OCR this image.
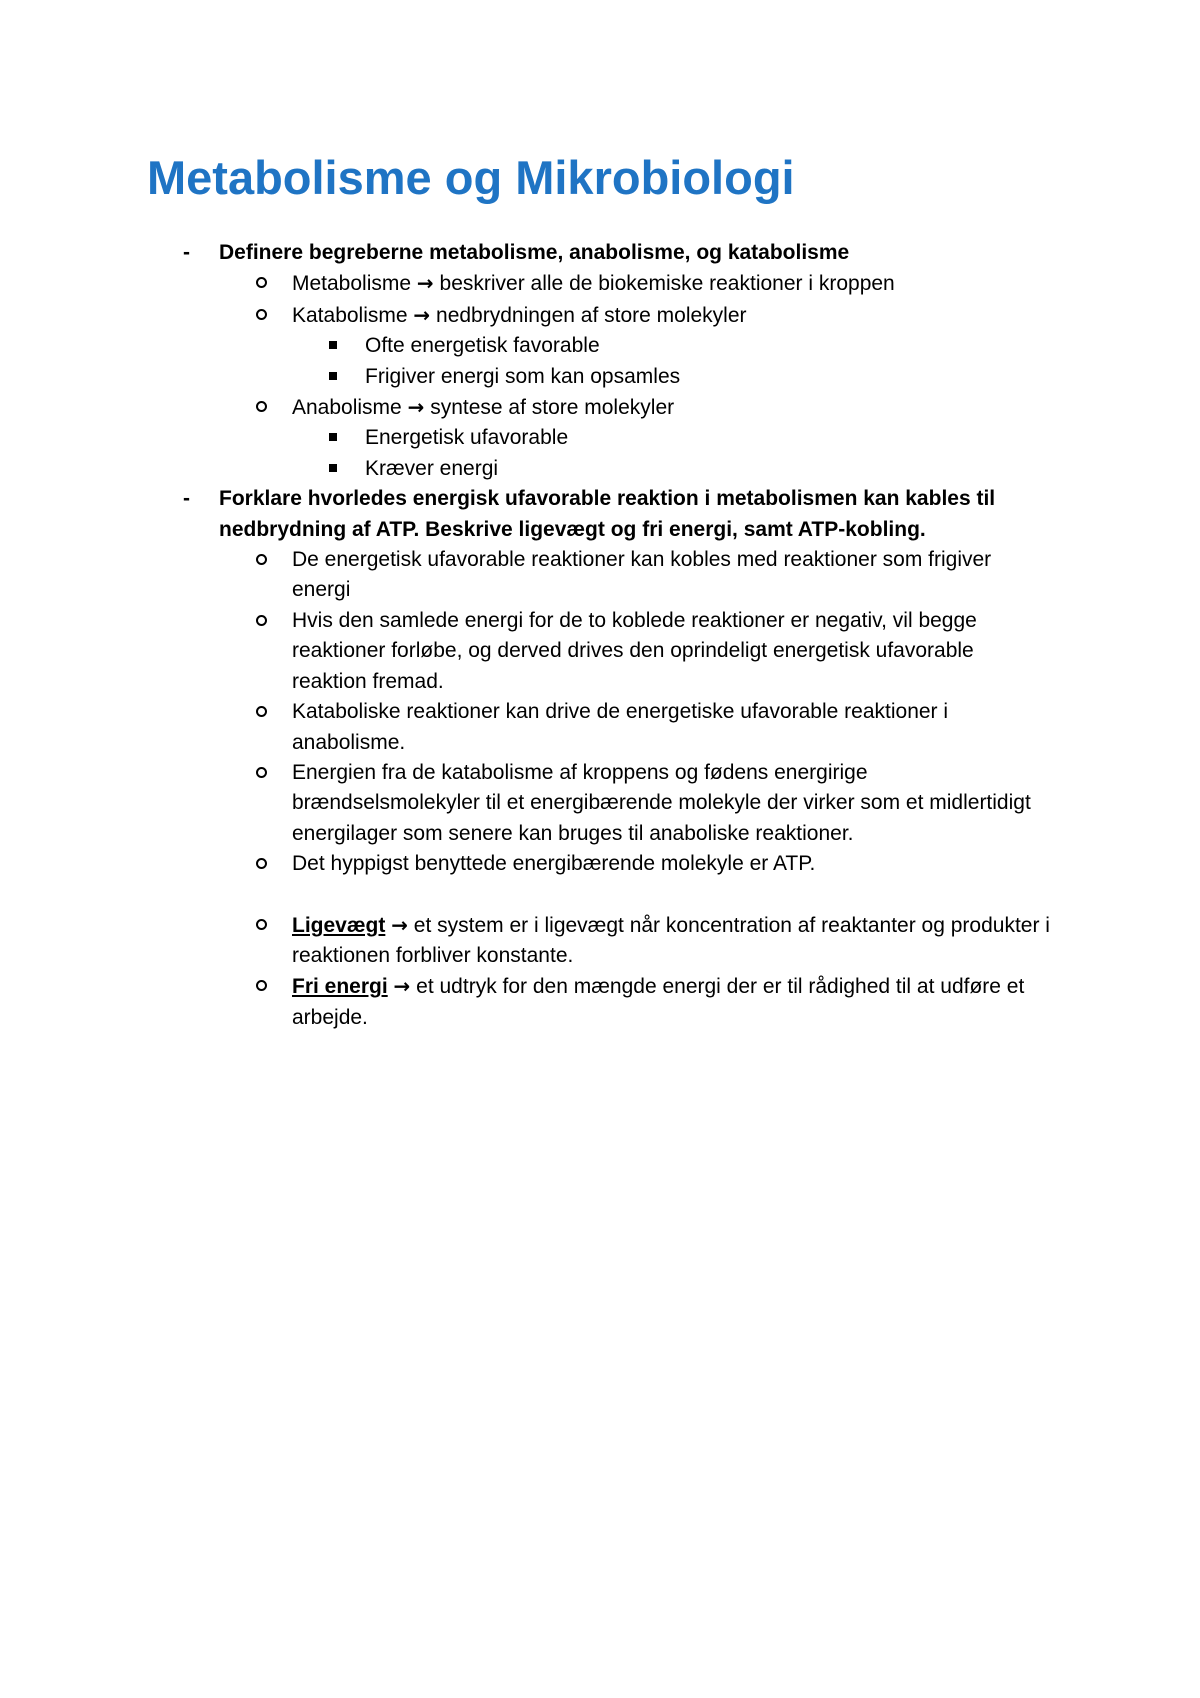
Metabolisme og Mikrobiologi
- Definere begreberne metabolisme, anabolisme, og katabolisme
Metabolisme → beskriver alle de biokemiske reaktioner i kroppen
Katabolisme → nedbrydningen af store molekyler
Ofte energetisk favorable
Frigiver energi som kan opsamles
Anabolisme → syntese af store molekyler
Energetisk ufavorable
Kræver energi
- Forklare hvorledes energisk ufavorable reaktion i metabolismen kan kables til nedbrydning af ATP. Beskrive ligevægt og fri energi, samt ATP-kobling.
De energetisk ufavorable reaktioner kan kobles med reaktioner som frigiver energi
Hvis den samlede energi for de to koblede reaktioner er negativ, vil begge reaktioner forløbe, og derved drives den oprindeligt energetisk ufavorable reaktion fremad.
Kataboliske reaktioner kan drive de energetiske ufavorable reaktioner i anabolisme.
Energien fra de katabolisme af kroppens og fødens energirige brændselsmolekyler til et energibærende molekyle der virker som et midlertidigt energilager som senere kan bruges til anaboliske reaktioner.
Det hyppigst benyttede energibærende molekyle er ATP.
Ligevægt → et system er i ligevægt når koncentration af reaktanter og produkter i reaktionen forbliver konstante.
Fri energi → et udtryk for den mængde energi der er til rådighed til at udføre et arbejde.
